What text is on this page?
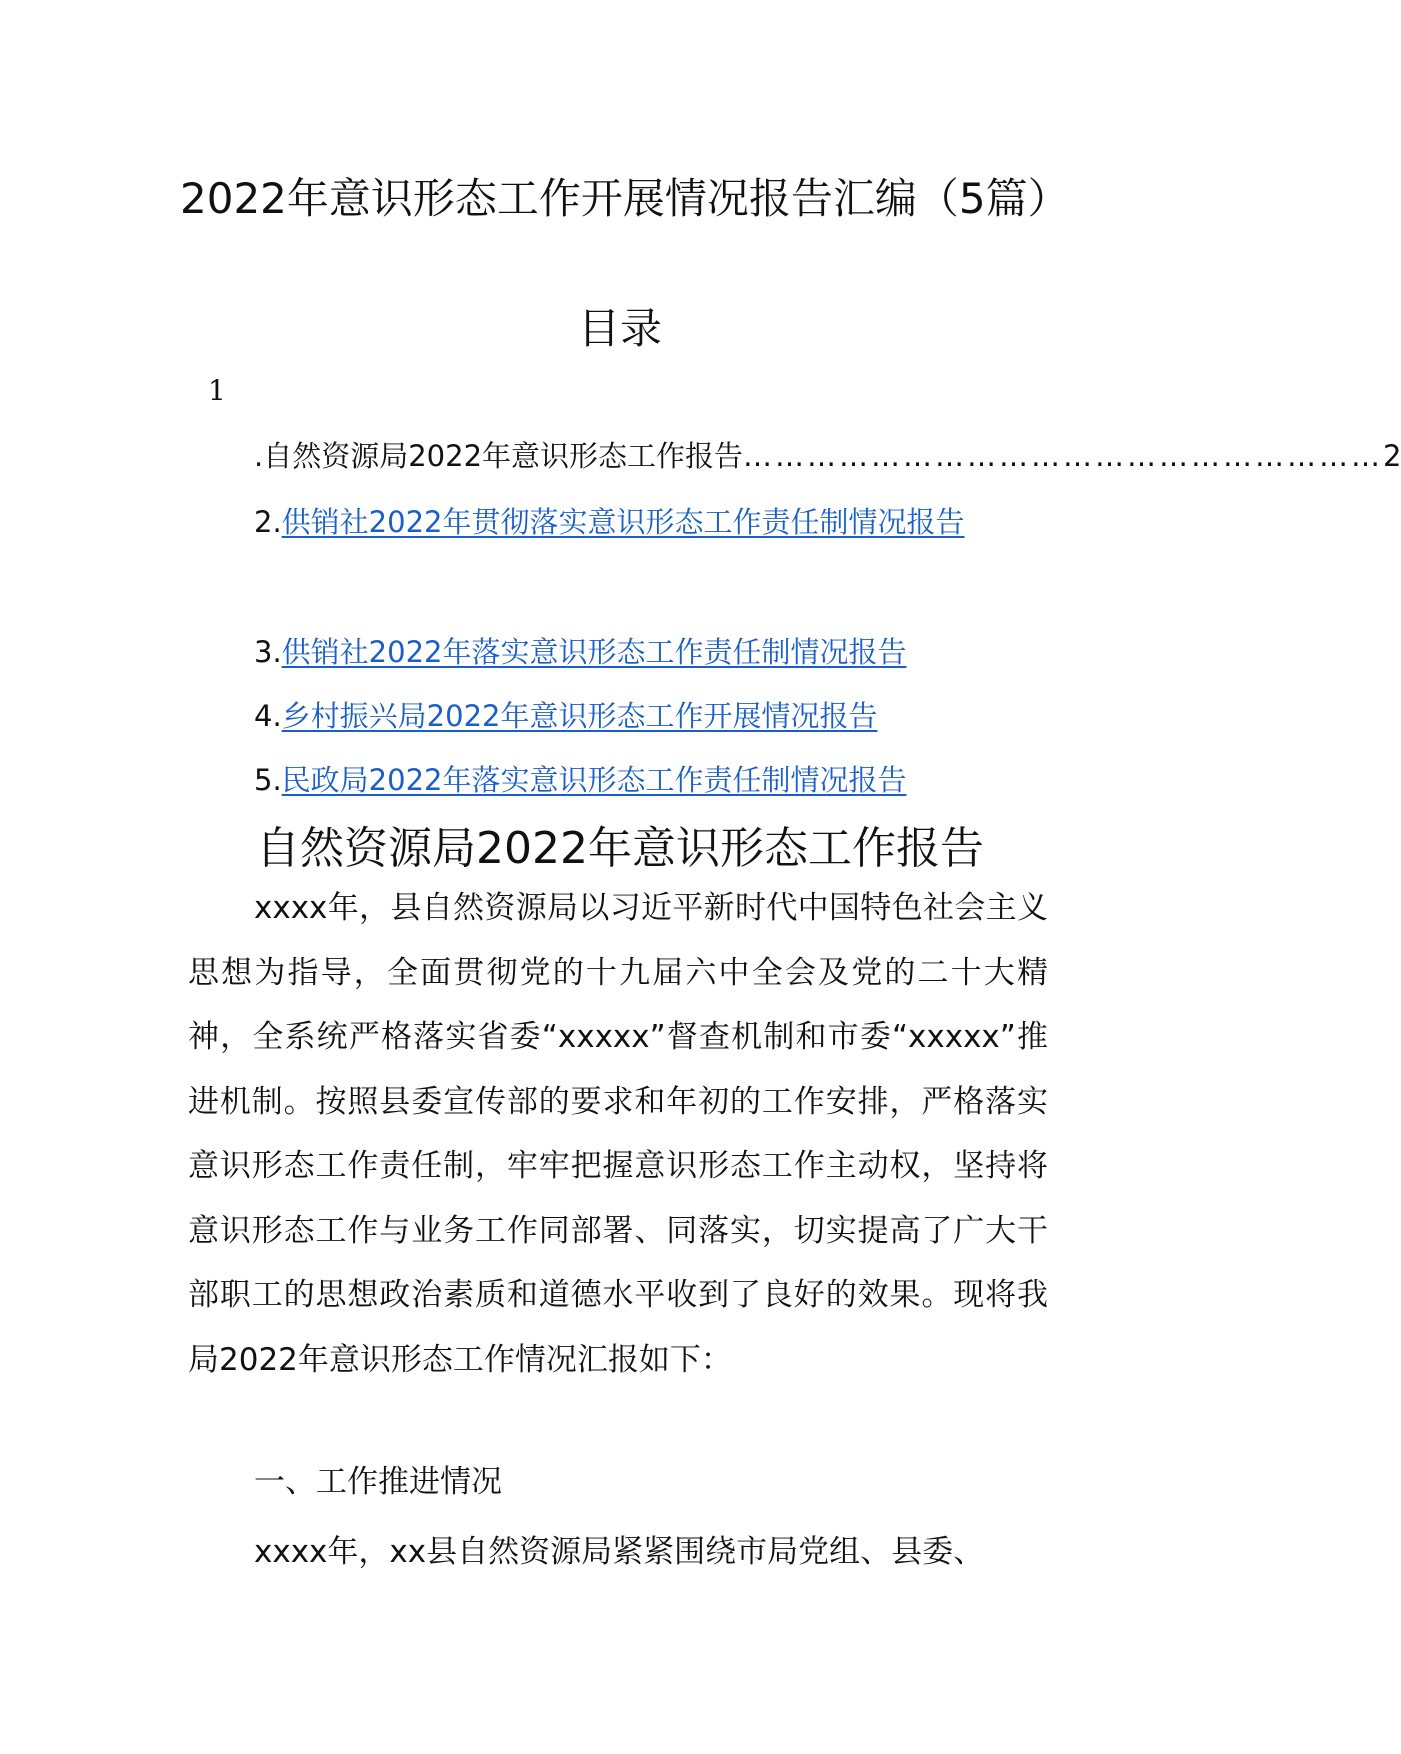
2022年意识形态工作开展情况报告汇编（5篇）
目录
1
.自然资源局2022年意识形态工作报告 …………………………………………………… 2

2.供销社2022年贯彻落实意识形态工作责任制情况报告

3.供销社2022年落实意识形态工作责任制情况报告
4.乡村振兴局2022年意识形态工作开展情况报告
5.民政局2022年落实意识形态工作责任制情况报告
自然资源局2022年意识形态工作报告

xxxx年，县自然资源局以习近平新时代中国特色社会主义思想为指导，全面贯彻党的十九届六中全会及党的二十大精神，全系统严格落实省委“xxxxx”督查机制和市委“xxxxx”推进机制。按照县委宣传部的要求和年初的工作安排，严格落实意识形态工作责任制，牢牢把握意识形态工作主动权，坚持将意识形态工作与业务工作同部署、同落实，切实提高了广大干部职工的思想政治素质和道德水平收到了良好的效果。现将我局2022年意识形态工作情况汇报如下：

一、工作推进情况

xxxx年，xx县自然资源局紧紧围绕市局党组、县委、
